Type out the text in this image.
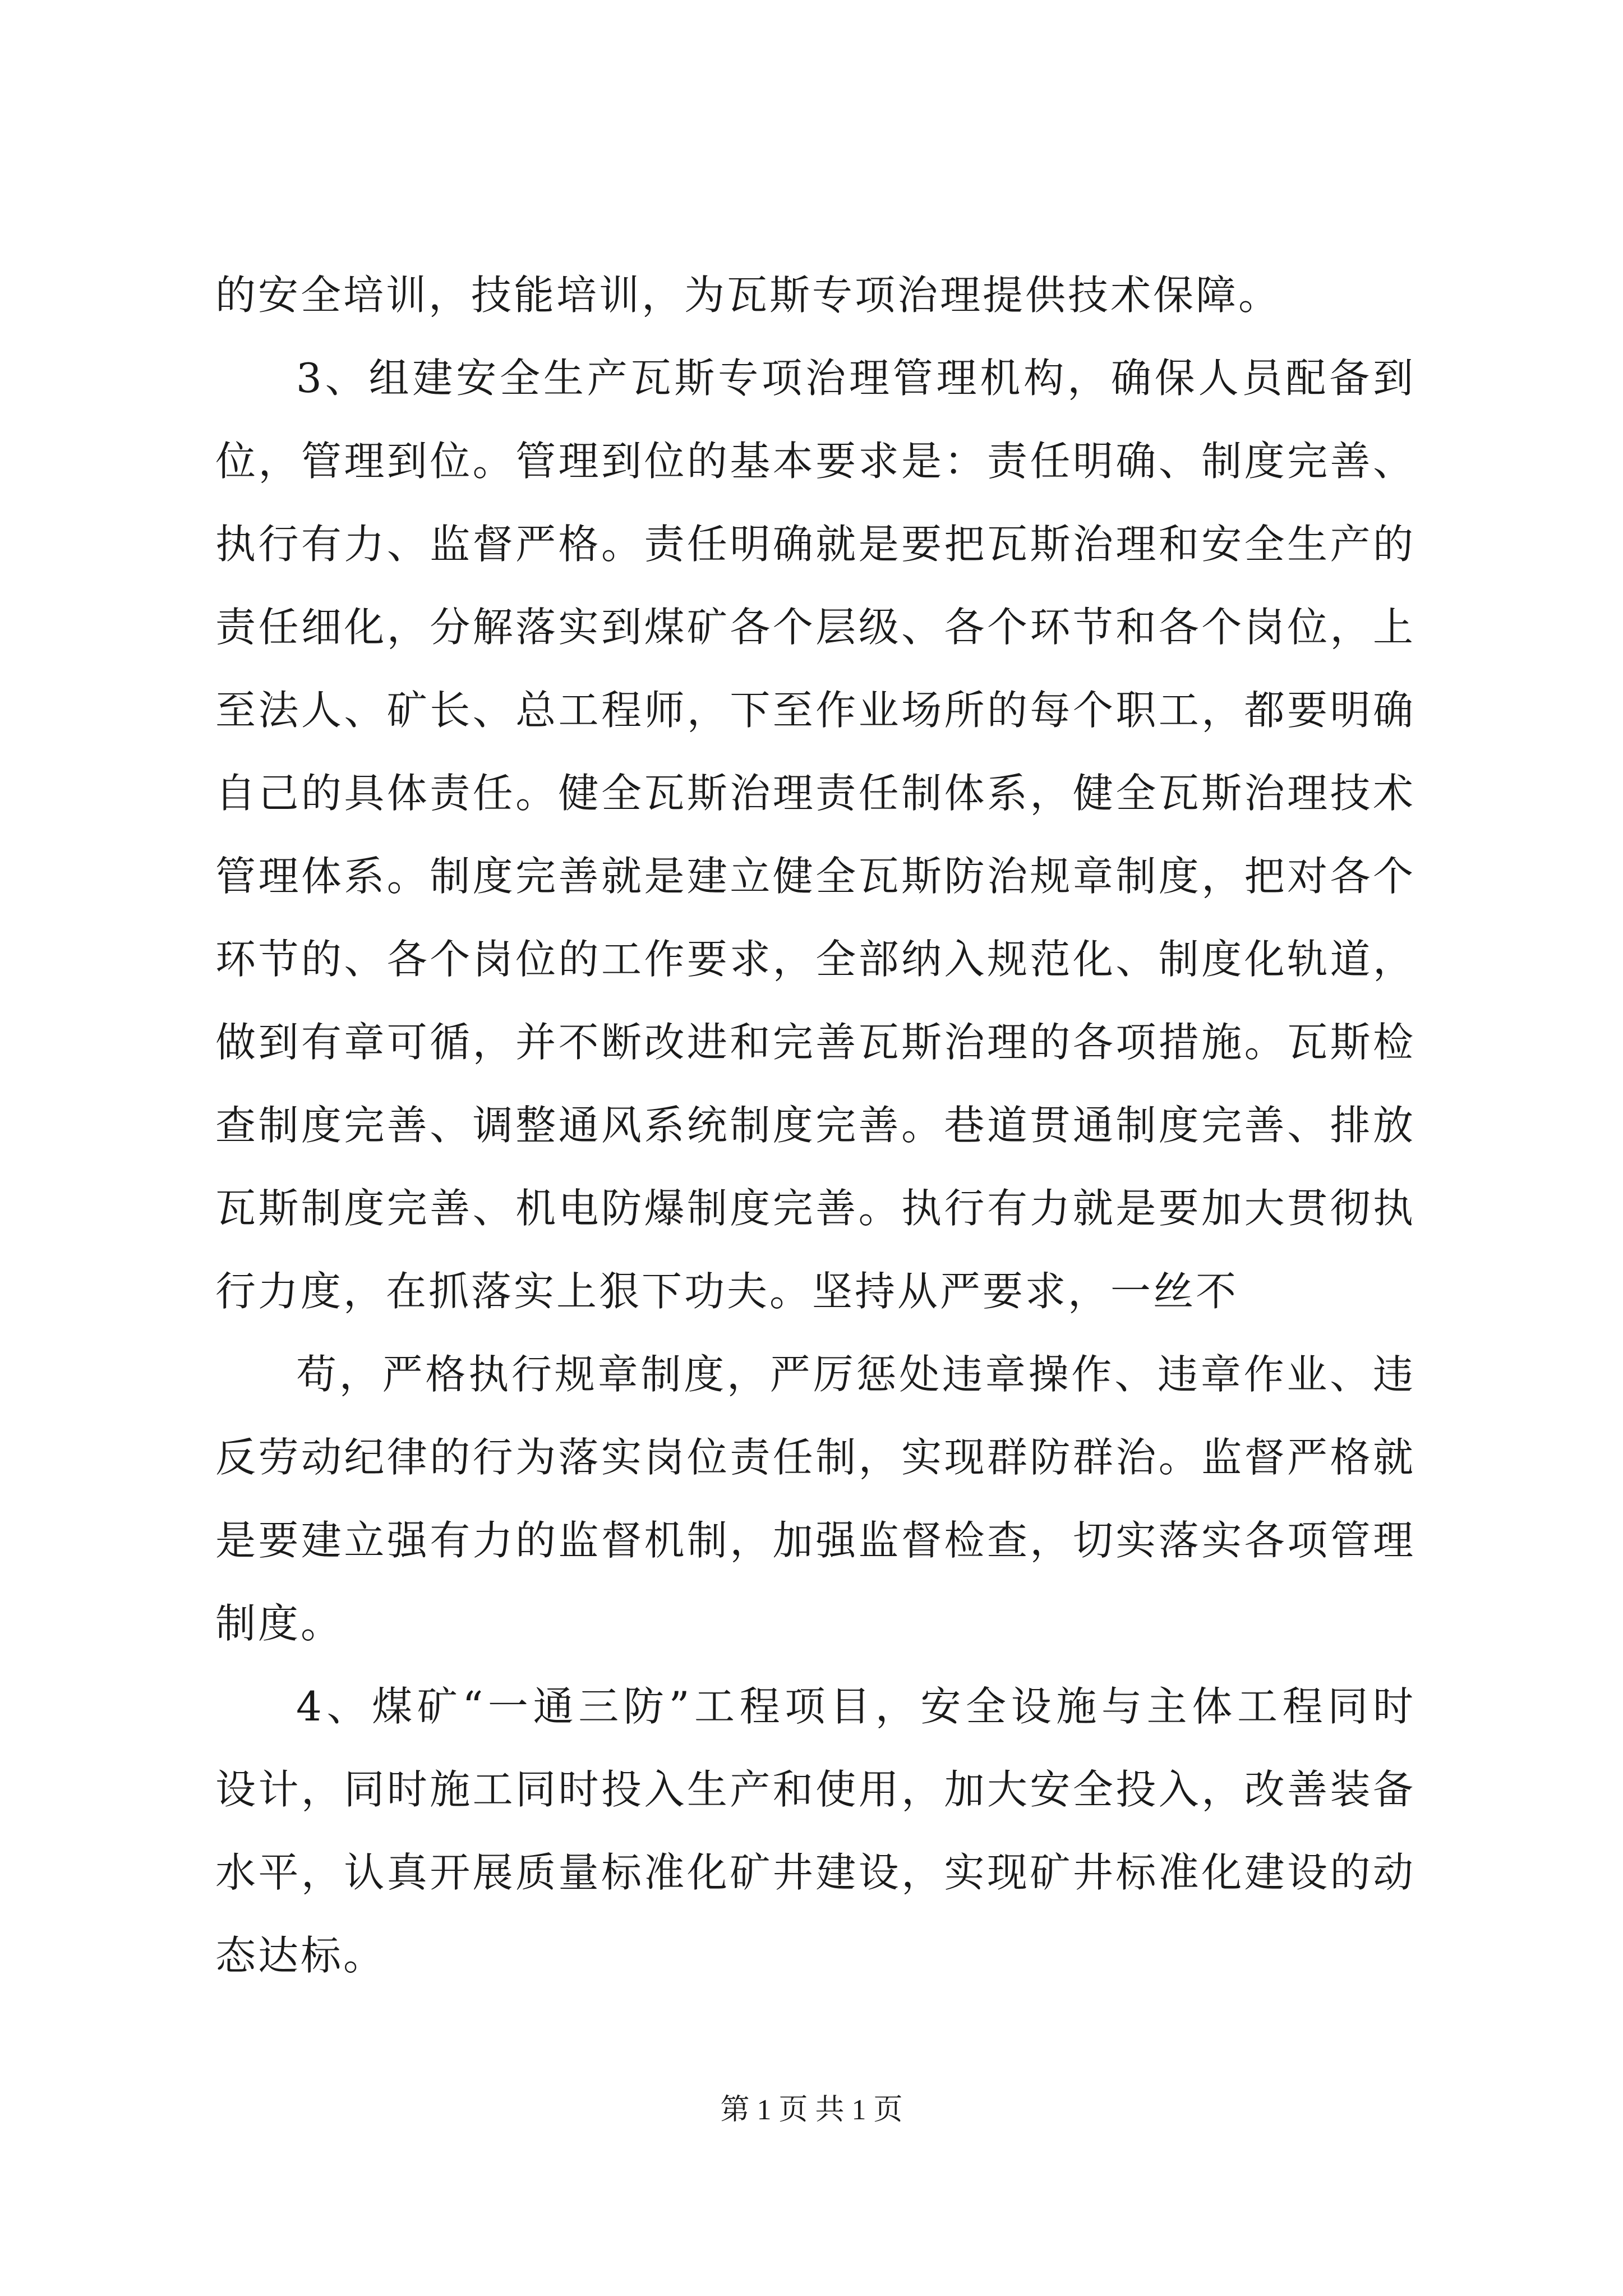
的安全培训，技能培训，为瓦斯专项治理提供技术保障。
3、组建安全生产瓦斯专项治理管理机构，确保人员配备到
位，管理到位。管理到位的基本要求是：责任明确、制度完善、
执行有力、监督严格。责任明确就是要把瓦斯治理和安全生产的
责任细化，分解落实到煤矿各个层级、各个环节和各个岗位，上
至法人、矿长、总工程师，下至作业场所的每个职工，都要明确
自己的具体责任。健全瓦斯治理责任制体系，健全瓦斯治理技术
管理体系。制度完善就是建立健全瓦斯防治规章制度，把对各个
环节的、各个岗位的工作要求，全部纳入规范化、制度化轨道，
做到有章可循，并不断改进和完善瓦斯治理的各项措施。瓦斯检
查制度完善、调整通风系统制度完善。巷道贯通制度完善、排放
瓦斯制度完善、机电防爆制度完善。执行有力就是要加大贯彻执
行力度，在抓落实上狠下功夫。坚持从严要求，一丝不
苟，严格执行规章制度，严厉惩处违章操作、违章作业、违
反劳动纪律的行为落实岗位责任制，实现群防群治。监督严格就
是要建立强有力的监督机制，加强监督检查，切实落实各项管理
制度。
4、煤矿“一通三防”工程项目，安全设施与主体工程同时
设计，同时施工同时投入生产和使用，加大安全投入，改善装备
水平，认真开展质量标准化矿井建设，实现矿井标准化建设的动
态达标。
第 1 页 共 1 页
